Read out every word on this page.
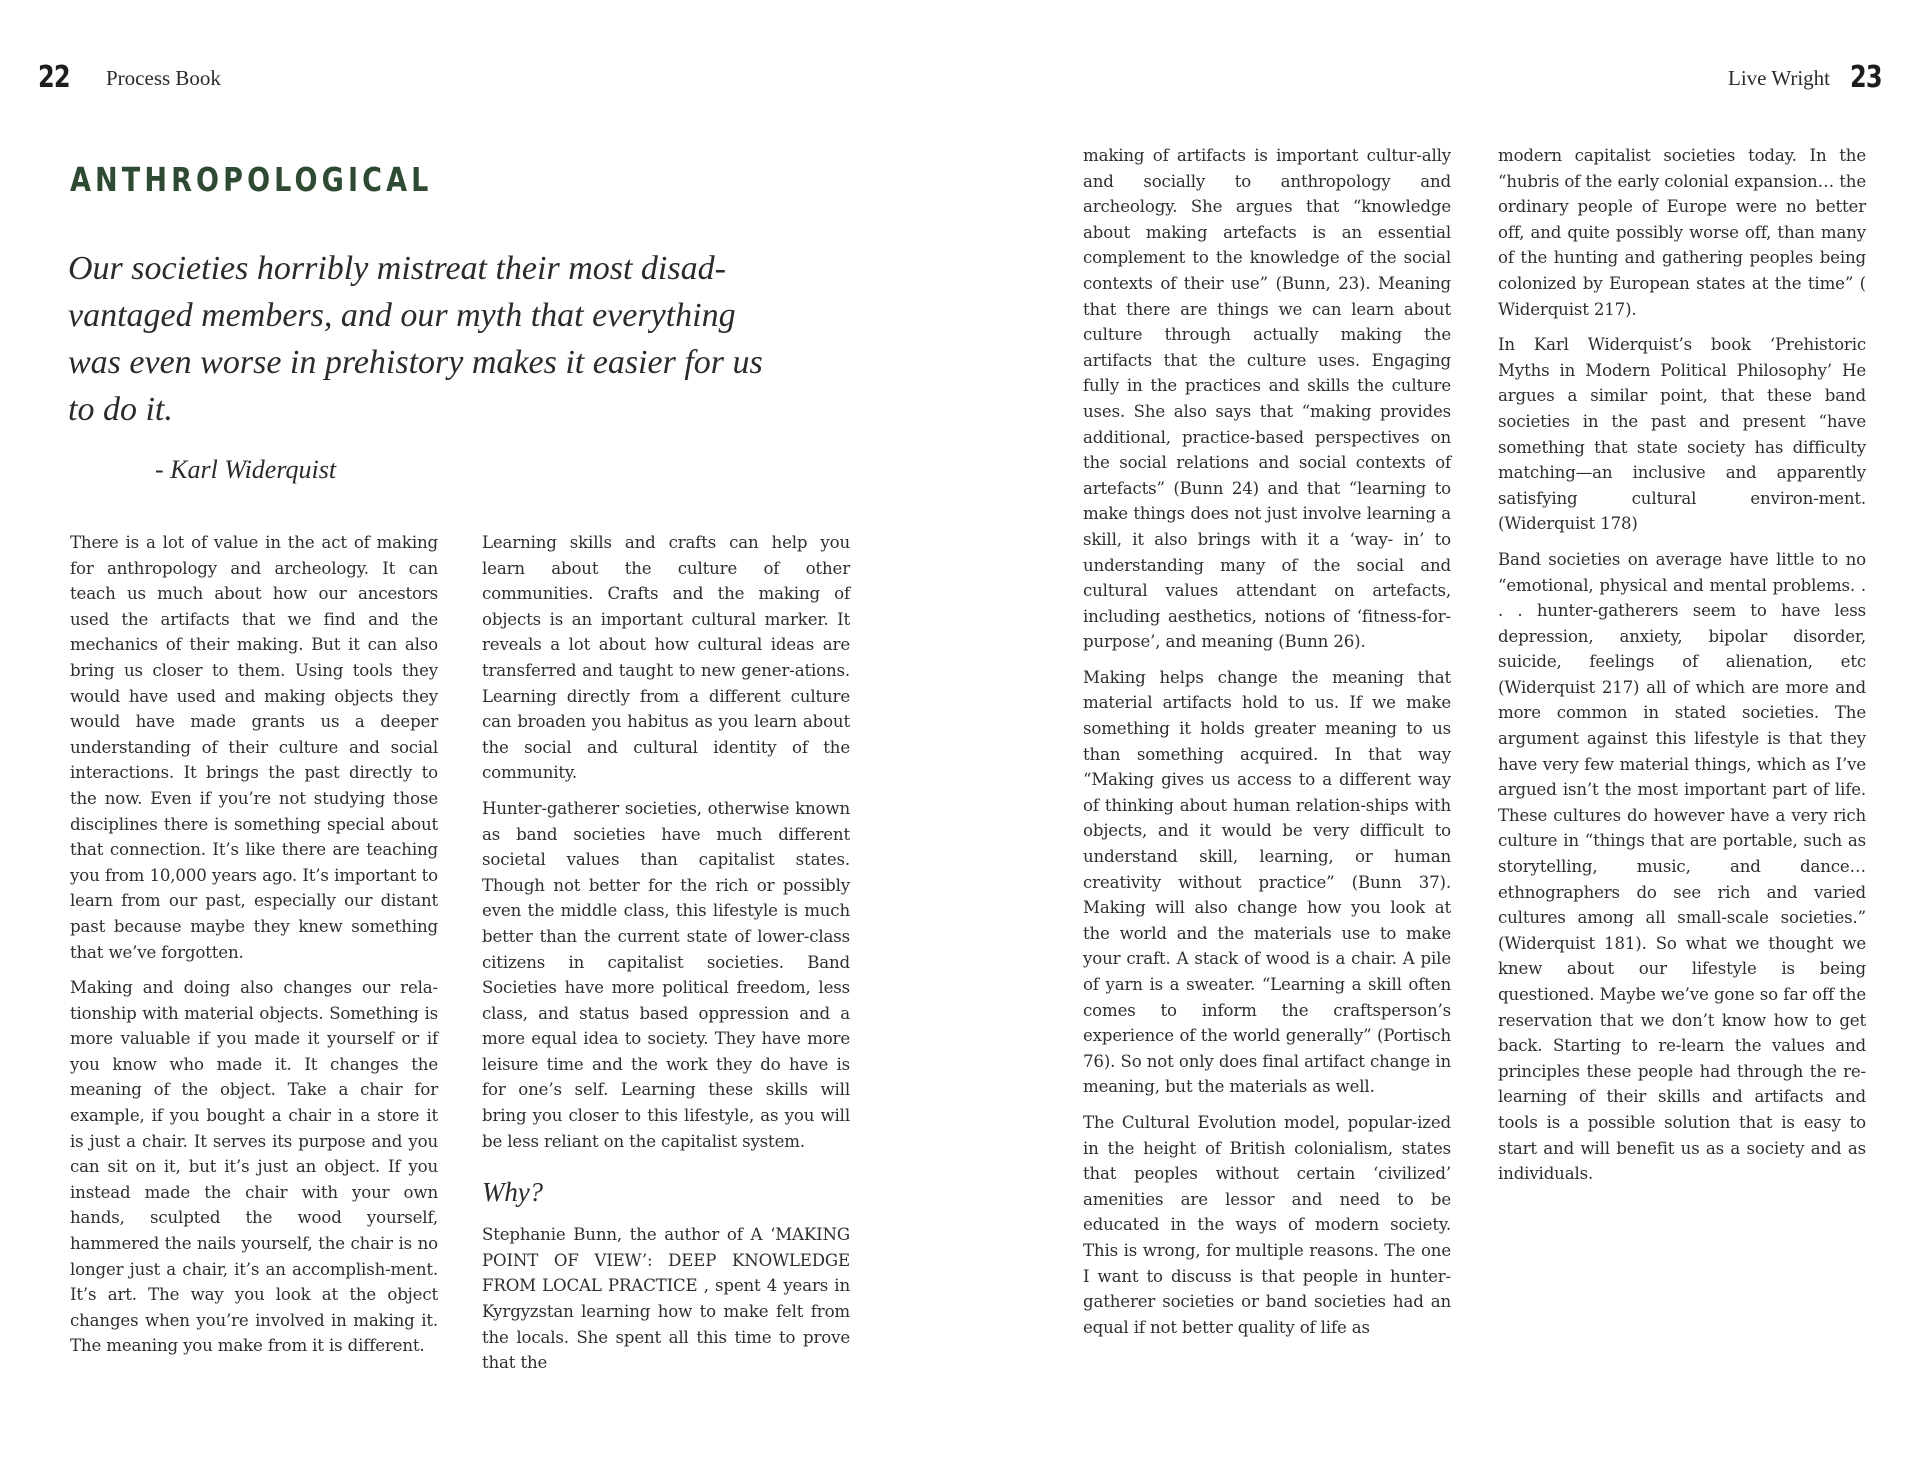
22 Process Book	Live Wright 23
ANTHROPOLOGICAL

Our societies horribly mistreat their most disad-vantaged members, and our myth that everything was even worse in prehistory makes it easier for us to do it.

- Karl Widerquist

There is a lot of value in the act of making for anthropology and archeology. It can teach us much about how our ancestors used the artifacts that we find and the mechanics of their making. But it can also bring us closer to them. Using tools they would have used and making objects they would have made grants us a deeper understanding of their culture and social interactions. It brings the past directly to the now. Even if you’re not studying those disciplines there is something special about that connection. It’s like there are teaching you from 10,000 years ago. It’s important to learn from our past, especially our distant past because maybe they knew something that we’ve forgotten.

Making and doing also changes our rela-tionship with material objects. Something is more valuable if you made it yourself or if you know who made it. It changes the meaning of the object. Take a chair for example, if you bought a chair in a store it is just a chair. It serves its purpose and you can sit on it, but it’s just an object. If you instead made the chair with your own hands, sculpted the wood yourself, hammered the nails yourself, the chair is no longer just a chair, it’s an accomplish-ment. It’s art. The way you look at the object changes when you’re involved in making it. The meaning you make from it is different.

Learning skills and crafts can help you learn about the culture of other communities. Crafts and the making of objects is an important cultural marker. It reveals a lot about how cultural ideas are transferred and taught to new gener-ations. Learning directly from a different culture can broaden you habitus as you learn about the social and cultural identity of the community.

Hunter-gatherer societies, otherwise known as band societies have much different societal values than capitalist states. Though not better for the rich or possibly even the middle class, this lifestyle is much better than the current state of lower-class citizens in capitalist societies. Band Societies have more political freedom, less class, and status based oppression and a more equal idea to society. They have more leisure time and the work they do have is for one’s self. Learning these skills will bring you closer to this lifestyle, as you will be less reliant on the capitalist system.

Why?

Stephanie Bunn, the author of A ‘MAKING POINT OF VIEW’: DEEP KNOWLEDGE FROM LOCAL PRACTICE , spent 4 years in Kyrgyzstan learning how to make felt from the locals. She spent all this time to prove that the

making of artifacts is important cultur-ally and socially to anthropology and archeology. She argues that “knowledge about making artefacts is an essential complement to the knowledge of the social contexts of their use” (Bunn, 23). Meaning that there are things we can learn about culture through actually making the artifacts that the culture uses. Engaging fully in the practices and skills the culture uses. She also says that “making provides additional, practice-based perspectives on the social relations and social contexts of artefacts” (Bunn 24) and that “learning to make things does not just involve learning a skill, it also brings with it a ‘way- in’ to understanding many of the social and cultural values attendant on artefacts, including aesthetics, notions of ‘fitness-for-purpose’, and meaning (Bunn 26).

Making helps change the meaning that material artifacts hold to us. If we make something it holds greater meaning to us than something acquired. In that way “Making gives us access to a different way of thinking about human relation-ships with objects, and it would be very difficult to understand skill, learning, or human creativity without practice” (Bunn 37). Making will also change how you look at the world and the materials use to make your craft. A stack of wood is a chair. A pile of yarn is a sweater. “Learning a skill often comes to inform the craftsperson’s experience of the world generally” (Portisch 76). So not only does final artifact change in meaning, but the materials as well.

The Cultural Evolution model, popular-ized in the height of British colonialism, states that peoples without certain ‘civilized’ amenities are lessor and need to be educated in the ways of modern society. This is wrong, for multiple reasons. The one I want to discuss is that people in hunter-gatherer societies or band societies had an equal if not better quality of life as

modern capitalist societies today. In the “hubris of the early colonial expansion… the ordinary people of Europe were no better off, and quite possibly worse off, than many of the hunting and gathering peoples being colonized by European states at the time” ( Widerquist 217).

In Karl Widerquist’s book ‘Prehistoric Myths in Modern Political Philosophy’ He argues a similar point, that these band societies in the past and present “have something that state society has difficulty matching—an inclusive and apparently satisfying cultural environ-ment. (Widerquist 178)

Band societies on average have little to no “emotional, physical and mental problems. . . . hunter-gatherers seem to have less depression, anxiety, bipolar disorder, suicide, feelings of alienation, etc (Widerquist 217) all of which are more and more common in stated societies. The argument against this lifestyle is that they have very few material things, which as I’ve argued isn’t the most important part of life. These cultures do however have a very rich culture in “things that are portable, such as storytelling, music, and dance… ethnographers do see rich and varied cultures among all small-scale societies.” (Widerquist 181). So what we thought we knew about our lifestyle is being questioned. Maybe we’ve gone so far off the reservation that we don’t know how to get back. Starting to re-learn the values and principles these people had through the re-learning of their skills and artifacts and tools is a possible solution that is easy to start and will benefit us as a society and as individuals.
